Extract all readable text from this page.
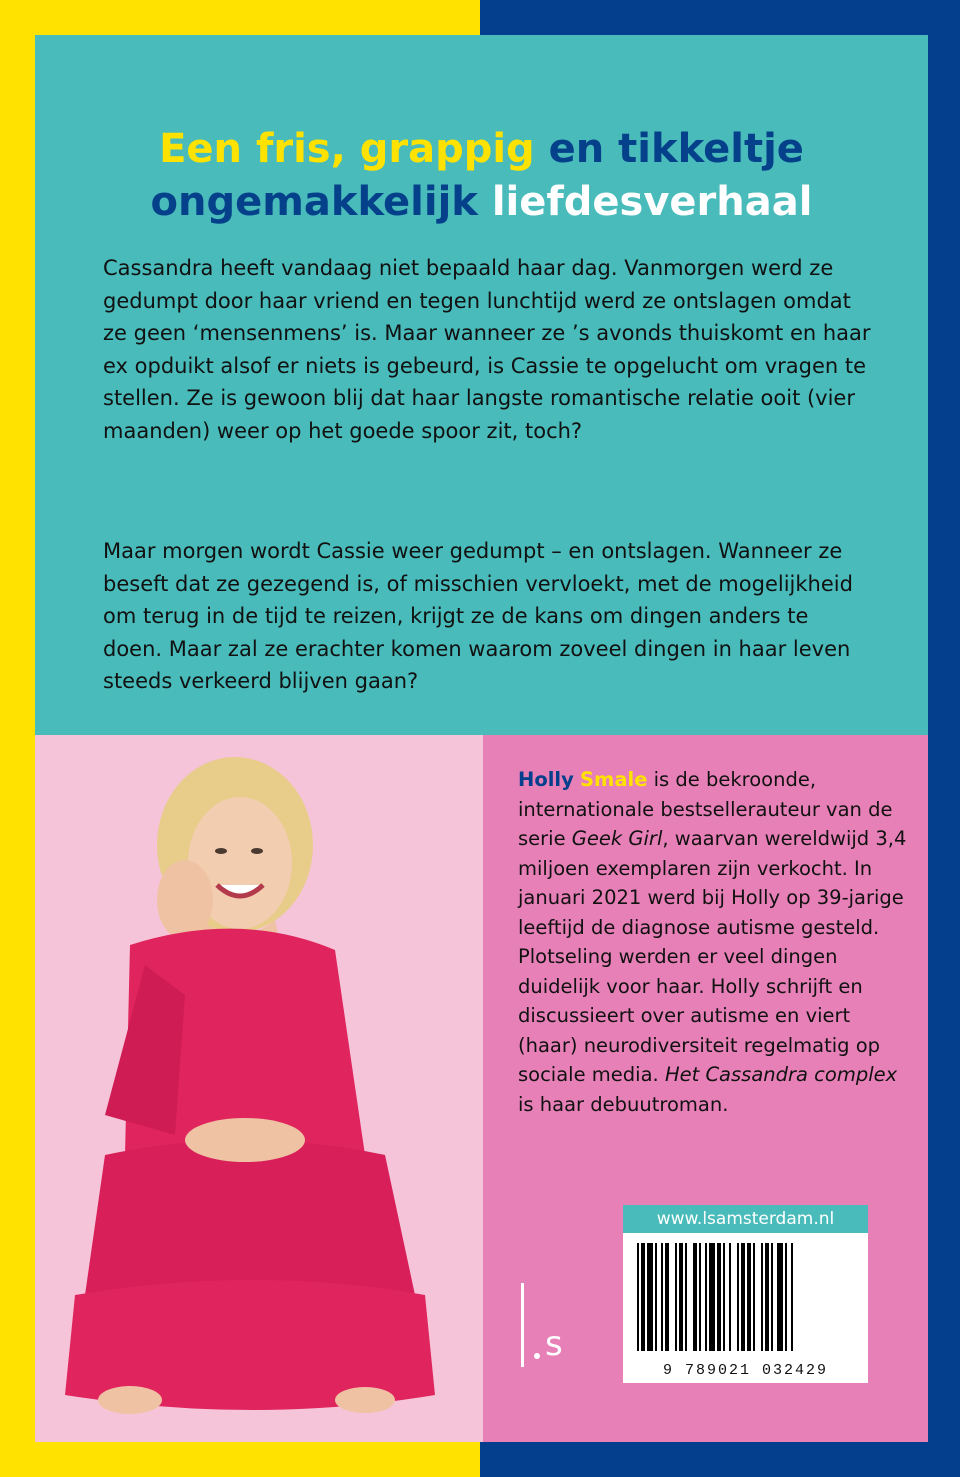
Een fris, grappig en tikkeltje
ongemakkelijk liefdesverhaal

Cassandra heeft vandaag niet bepaald haar dag. Vanmorgen werd ze gedumpt door haar vriend en tegen lunchtijd werd ze ontslagen omdat ze geen ‘mensenmens’ is. Maar wanneer ze ’s avonds thuiskomt en haar ex opduikt alsof er niets is gebeurd, is Cassie te opgelucht om vragen te stellen. Ze is gewoon blij dat haar langste romantische relatie ooit (vier maanden) weer op het goede spoor zit, toch?

Maar morgen wordt Cassie weer gedumpt – en ontslagen. Wanneer ze beseft dat ze gezegend is, of misschien vervloekt, met de mogelijkheid om terug in de tijd te reizen, krijgt ze de kans om dingen anders te doen. Maar zal ze erachter komen waarom zoveel dingen in haar leven steeds verkeerd blijven gaan?

Holly Smale is de bekroonde, internationale bestsellerauteur van de serie Geek Girl, waarvan wereldwijd 3,4 miljoen exemplaren zijn verkocht. In januari 2021 werd bij Holly op 39-jarige leeftijd de diagnose autisme gesteld. Plotseling werden er veel dingen duidelijk voor haar. Holly schrijft en discussieert over autisme en viert (haar) neurodiversiteit regelmatig op sociale media. Het Cassandra complex is haar debuutroman.
s
www.lsamsterdam.nl
9 789021 032429
